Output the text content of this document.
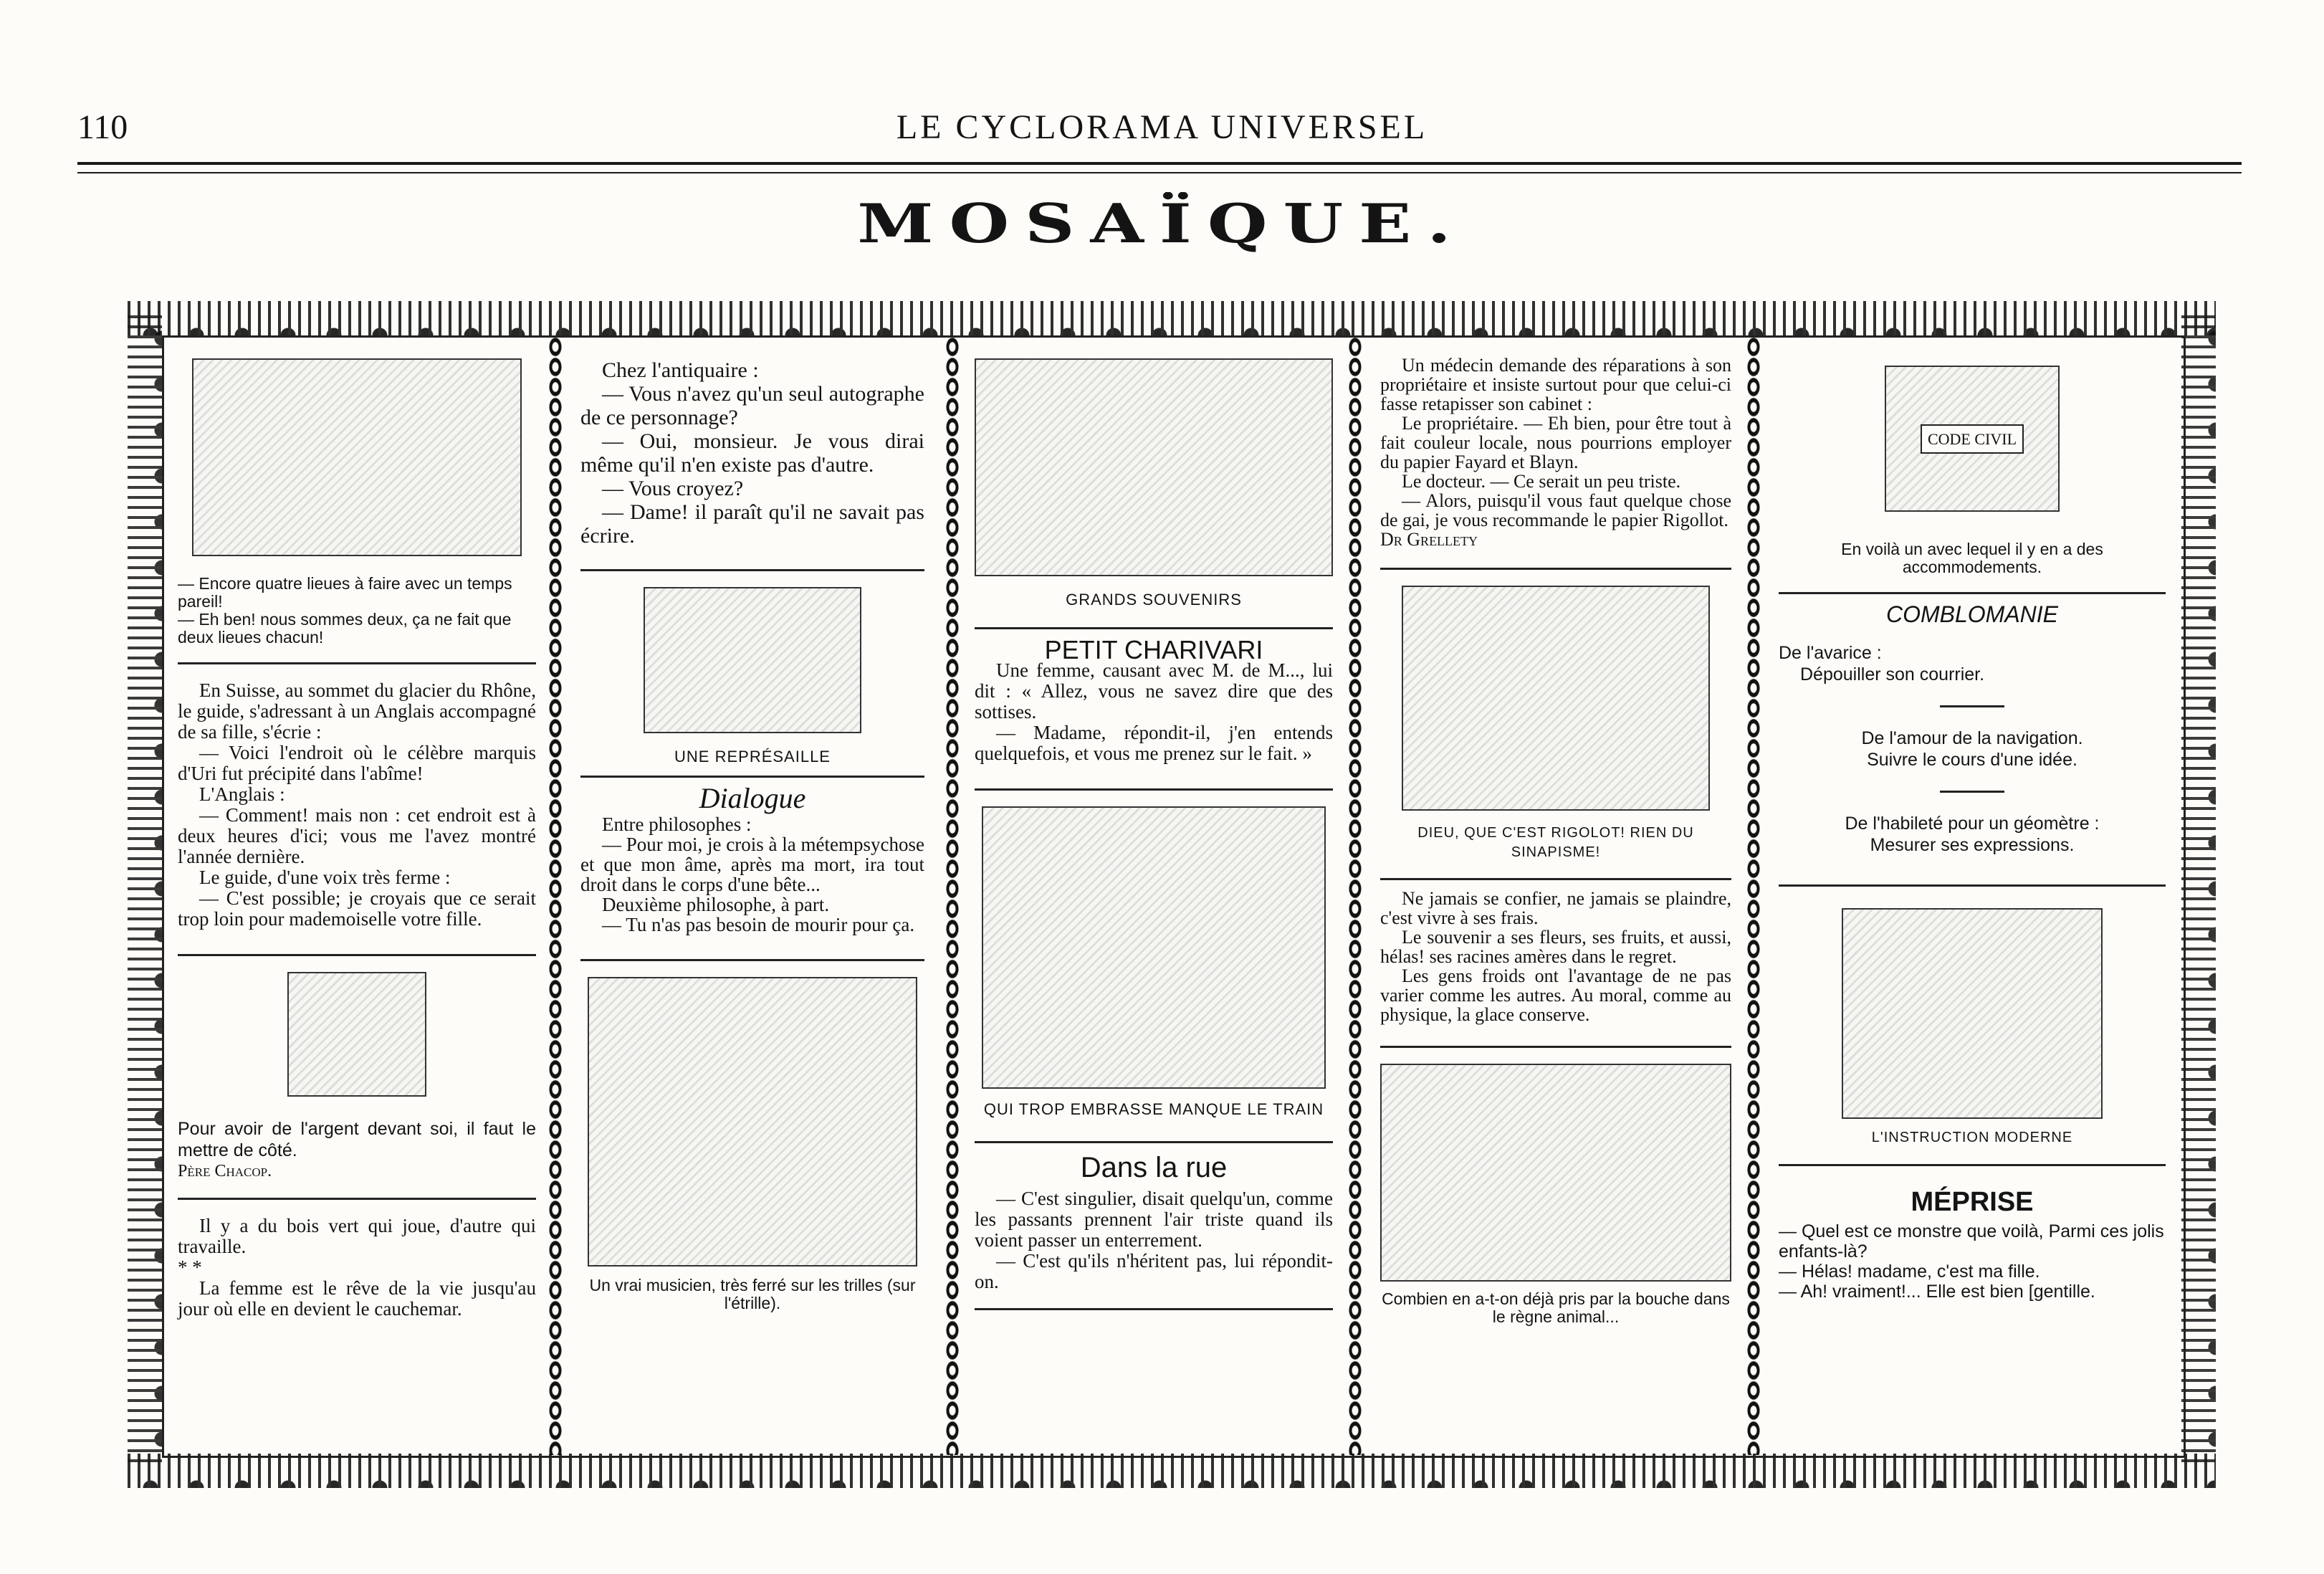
110	LE CYCLORAMA UNIVERSEL
MOSAÏQUE.
— Encore quatre lieues à faire avec un temps pareil!
— Eh ben! nous sommes deux, ça ne fait que deux lieues chacun!

En Suisse, au sommet du glacier du Rhône, le guide, s'adressant à un Anglais accompagné de sa fille, s'écrie :

— Voici l'endroit où le célèbre marquis d'Uri fut précipité dans l'abîme!

L'Anglais :

— Comment! mais non : cet endroit est à deux heures d'ici; vous me l'avez montré l'année dernière.

Le guide, d'une voix très ferme :

— C'est possible; je croyais que ce serait trop loin pour mademoiselle votre fille.

Pour avoir de l'argent devant soi, il faut le mettre de côté.

Père Chacop.

Il y a du bois vert qui joue, d'autre qui travaille.

* *

La femme est le rêve de la vie jusqu'au jour où elle en devient le cauchemar.

Chez l'antiquaire :

— Vous n'avez qu'un seul autographe de ce personnage?

— Oui, monsieur. Je vous dirai même qu'il n'en existe pas d'autre.

— Vous croyez?

— Dame! il paraît qu'il ne savait pas écrire.

UNE REPRÉSAILLE
Dialogue

Entre philosophes :

— Pour moi, je crois à la métempsychose et que mon âme, après ma mort, ira tout droit dans le corps d'une bête...

Deuxième philosophe, à part.

— Tu n'as pas besoin de mourir pour ça.

Un vrai musicien, très ferré sur les trilles (sur l'étrille).
GRANDS SOUVENIRS
PETIT CHARIVARI

Une femme, causant avec M. de M..., lui dit : « Allez, vous ne savez dire que des sottises.

— Madame, répondit-il, j'en entends quelquefois, et vous me prenez sur le fait. »

QUI TROP EMBRASSE MANQUE LE TRAIN
Dans la rue

— C'est singulier, disait quelqu'un, comme les passants prennent l'air triste quand ils voient passer un enterrement.

— C'est qu'ils n'héritent pas, lui répondit-on.

Un médecin demande des réparations à son propriétaire et insiste surtout pour que celui-ci fasse retapisser son cabinet :

Le propriétaire. — Eh bien, pour être tout à fait couleur locale, nous pourrions employer du papier Fayard et Blayn.

Le docteur. — Ce serait un peu triste.

— Alors, puisqu'il vous faut quelque chose de gai, je vous recommande le papier Rigollot.

Dr Grellety

DIEU, QUE C'EST RIGOLOT! RIEN DU SINAPISME!

Ne jamais se confier, ne jamais se plaindre, c'est vivre à ses frais.

Le souvenir a ses fleurs, ses fruits, et aussi, hélas! ses racines amères dans le regret.

Les gens froids ont l'avantage de ne pas varier comme les autres. Au moral, comme au physique, la glace conserve.

Combien en a-t-on déjà pris par la bouche dans le règne animal...
CODE CIVIL
En voilà un avec lequel il y en a des accommodements.
COMBLOMANIE
De l'avarice :
Dépouiller son courrier.
De l'amour de la navigation.
Suivre le cours d'une idée.
De l'habileté pour un géomètre :
Mesurer ses expressions.
L'INSTRUCTION MODERNE
MÉPRISE
— Quel est ce monstre que voilà, Parmi ces jolis enfants-là?
— Hélas! madame, c'est ma fille.
— Ah! vraiment!... Elle est bien [gentille.
